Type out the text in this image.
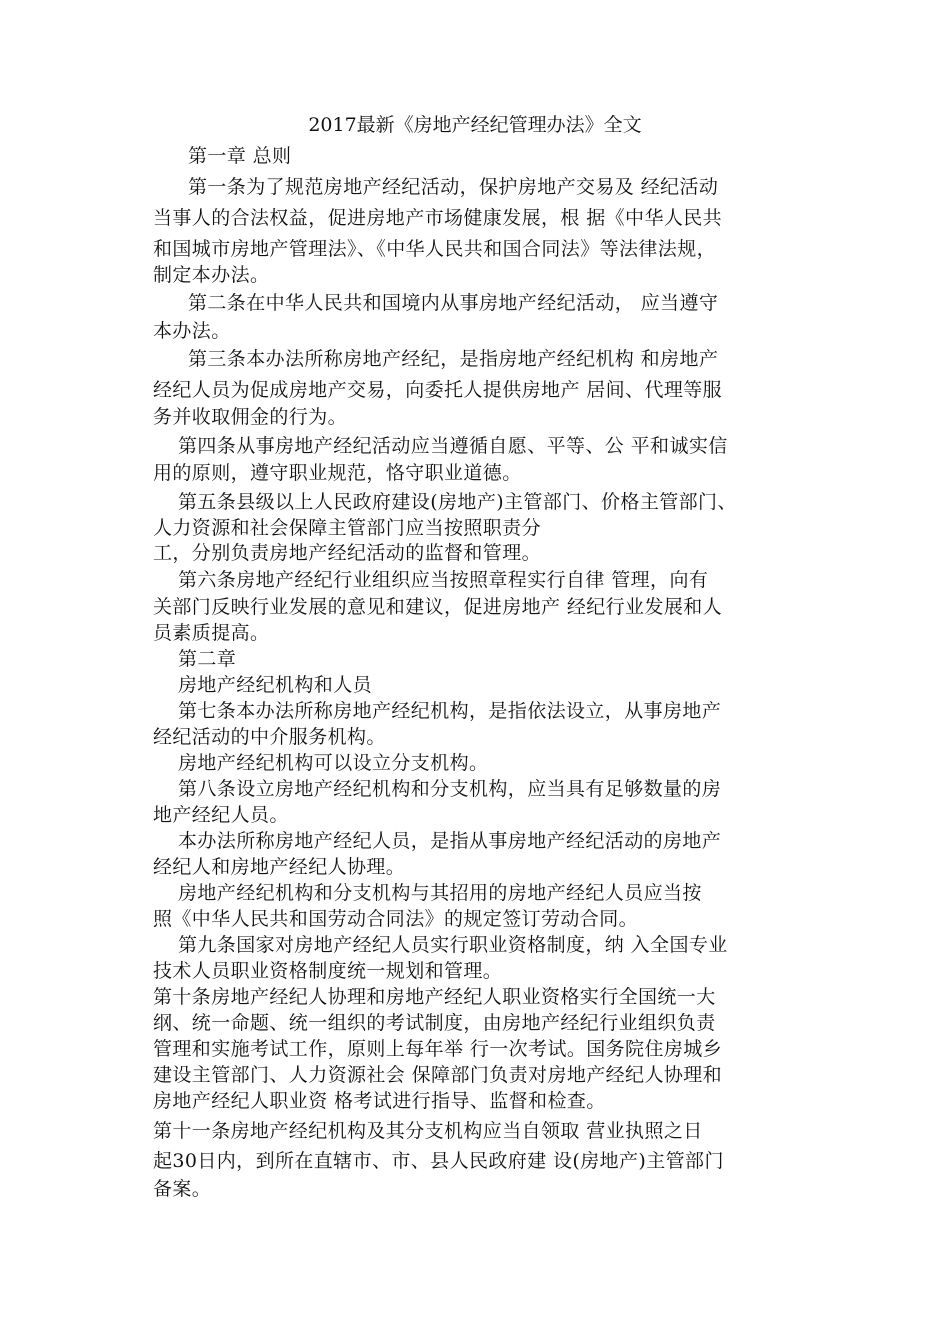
2017最新《房地产经纪管理办法》全文
第一章 总则
第一条为了规范房地产经纪活动，保护房地产交易及 经纪活动
当事人的合法权益，促进房地产市场健康发展，根 据《中华人民共
和国城市房地产管理法》、《中华人民共和国合同法》等法律法规，
制定本办法。
第二条在中华人民共和国境内从事房地产经纪活动， 应当遵守
本办法。
第三条本办法所称房地产经纪，是指房地产经纪机构 和房地产
经纪人员为促成房地产交易，向委托人提供房地产 居间、代理等服
务并收取佣金的行为。
第四条从事房地产经纪活动应当遵循自愿、平等、公 平和诚实信
用的原则，遵守职业规范，恪守职业道德。
第五条县级以上人民政府建设(房地产)主管部门、价格主管部门、
人力资源和社会保障主管部门应当按照职责分
工，分别负责房地产经纪活动的监督和管理。
第六条房地产经纪行业组织应当按照章程实行自律 管理，向有
关部门反映行业发展的意见和建议，促进房地产 经纪行业发展和人
员素质提高。
第二章
房地产经纪机构和人员
第七条本办法所称房地产经纪机构，是指依法设立，从事房地产
经纪活动的中介服务机构。
房地产经纪机构可以设立分支机构。
第八条设立房地产经纪机构和分支机构，应当具有足够数量的房
地产经纪人员。
本办法所称房地产经纪人员，是指从事房地产经纪活动的房地产
经纪人和房地产经纪人协理。
房地产经纪机构和分支机构与其招用的房地产经纪人员应当按
照《中华人民共和国劳动合同法》的规定签订劳动合同。
第九条国家对房地产经纪人员实行职业资格制度，纳 入全国专业
技术人员职业资格制度统一规划和管理。
第十条房地产经纪人协理和房地产经纪人职业资格实行全国统一大
纲、统一命题、统一组织的考试制度，由房地产经纪行业组织负责
管理和实施考试工作，原则上每年举 行一次考试。国务院住房城乡
建设主管部门、人力资源社会 保障部门负责对房地产经纪人协理和
房地产经纪人职业资 格考试进行指导、监督和检查。
第十一条房地产经纪机构及其分支机构应当自领取 营业执照之日
起30日内，到所在直辖市、市、县人民政府建 设(房地产)主管部门
备案。
